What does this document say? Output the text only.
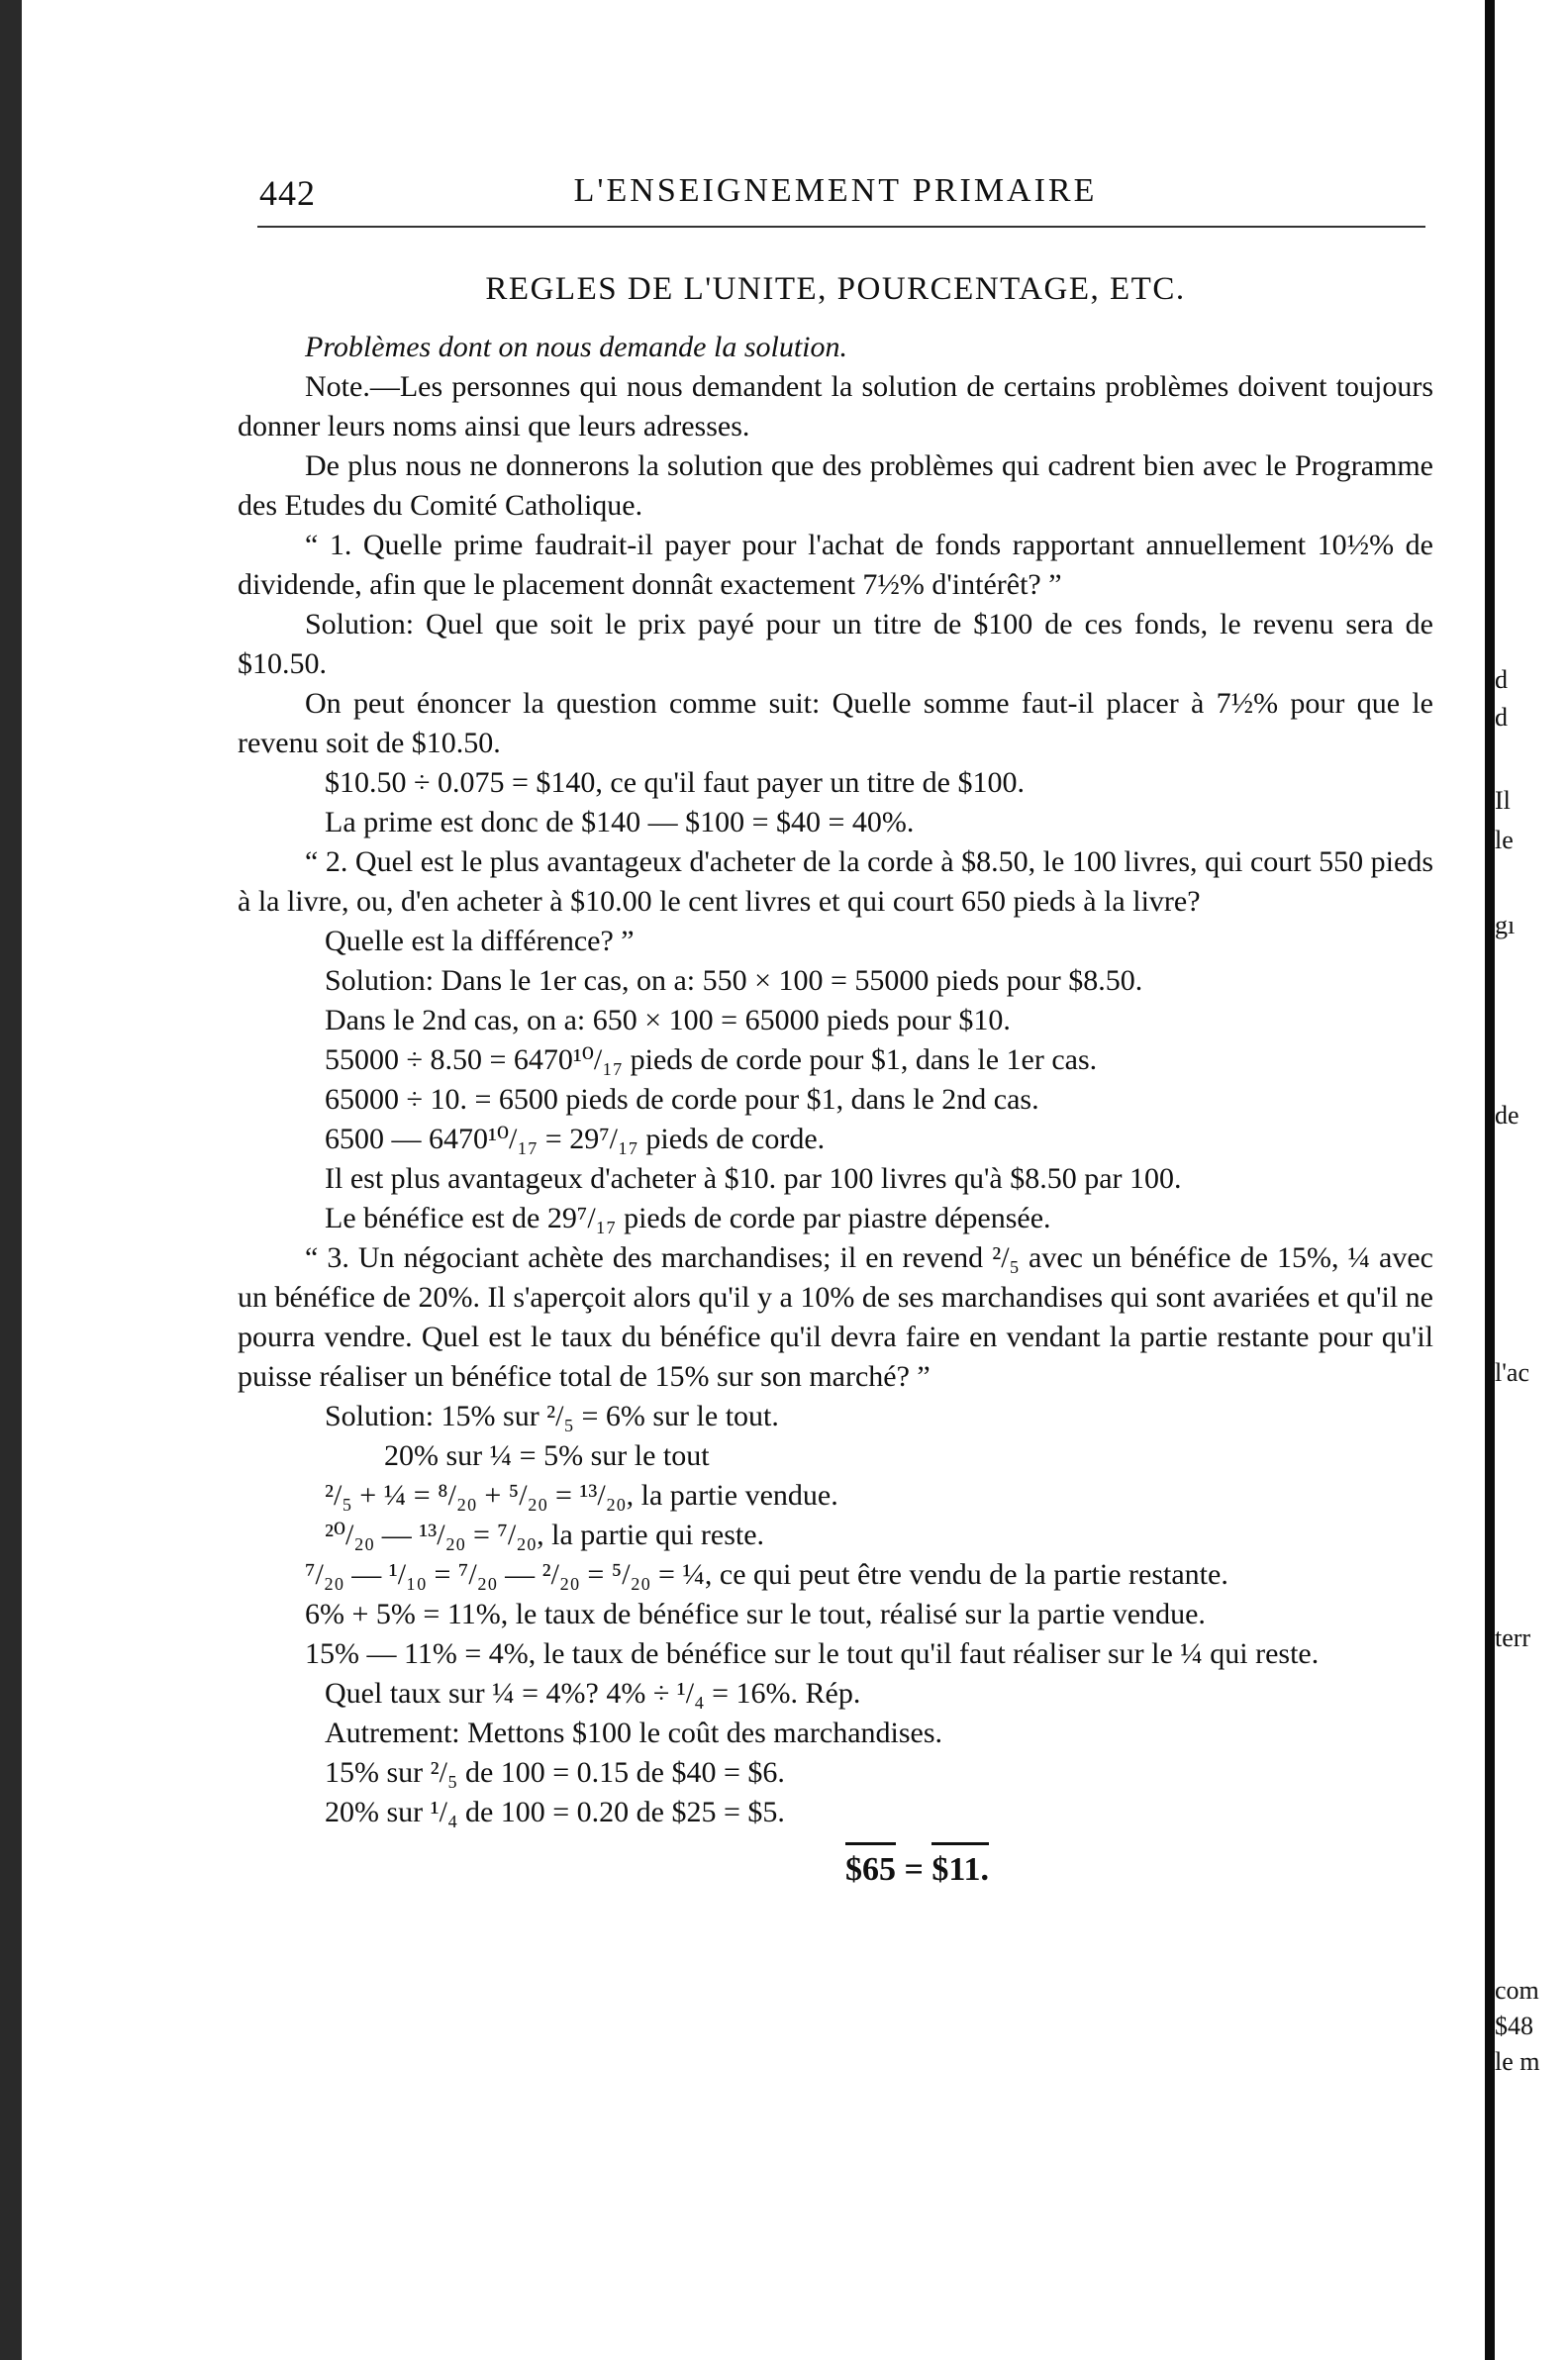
d
d
Il
le
gı
de
l'ac
terr
com
$48
le m
442	L'ENSEIGNEMENT PRIMAIRE
REGLES DE L'UNITE, POURCENTAGE, ETC.

Problèmes dont on nous demande la solution.

Note.—Les personnes qui nous demandent la solution de certains problèmes doivent toujours donner leurs noms ainsi que leurs adresses.

De plus nous ne donnerons la solution que des problèmes qui cadrent bien avec le Programme des Etudes du Comité Catholique.

“ 1. Quelle prime faudrait-il payer pour l'achat de fonds rapportant annuellement 10½% de dividende, afin que le placement donnât exactement 7½% d'intérêt? ”

Solution: Quel que soit le prix payé pour un titre de $100 de ces fonds, le revenu sera de $10.50.

On peut énoncer la question comme suit: Quelle somme faut-il placer à 7½% pour que le revenu soit de $10.50.

$10.50 ÷ 0.075 = $140, ce qu'il faut payer un titre de $100.

La prime est donc de $140 — $100 = $40 = 40%.

“ 2. Quel est le plus avantageux d'acheter de la corde à $8.50, le 100 livres, qui court 550 pieds à la livre, ou, d'en acheter à $10.00 le cent livres et qui court 650 pieds à la livre?

Quelle est la différence? ”

Solution: Dans le 1er cas, on a: 550 × 100 = 55000 pieds pour $8.50.

Dans le 2nd cas, on a: 650 × 100 = 65000 pieds pour $10.

55000 ÷ 8.50 = 6470¹⁰/₁₇ pieds de corde pour $1, dans le 1er cas.

65000 ÷ 10. = 6500 pieds de corde pour $1, dans le 2nd cas.

6500 — 6470¹⁰/₁₇ = 29⁷/₁₇ pieds de corde.

Il est plus avantageux d'acheter à $10. par 100 livres qu'à $8.50 par 100.

Le bénéfice est de 29⁷/₁₇ pieds de corde par piastre dépensée.

“ 3. Un négociant achète des marchandises; il en revend ²/₅ avec un bénéfice de 15%, ¼ avec un bénéfice de 20%. Il s'aperçoit alors qu'il y a 10% de ses marchandises qui sont avariées et qu'il ne pourra vendre. Quel est le taux du bénéfice qu'il devra faire en vendant la partie restante pour qu'il puisse réaliser un bénéfice total de 15% sur son marché? ”

Solution: 15% sur ²/₅ = 6% sur le tout.

20% sur ¼ = 5% sur le tout

²/₅ + ¼ = ⁸/₂₀ + ⁵/₂₀ = ¹³/₂₀, la partie vendue.

²⁰/₂₀ — ¹³/₂₀ = ⁷/₂₀, la partie qui reste.

⁷/₂₀ — ¹/₁₀ = ⁷/₂₀ — ²/₂₀ = ⁵/₂₀ = ¼, ce qui peut être vendu de la partie restante.

6% + 5% = 11%, le taux de bénéfice sur le tout, réalisé sur la partie vendue.

15% — 11% = 4%, le taux de bénéfice sur le tout qu'il faut réaliser sur le ¼ qui reste.

Quel taux sur ¼ = 4%? 4% ÷ ¹/₄ = 16%. Rép.

Autrement: Mettons $100 le coût des marchandises.

15% sur ²/₅ de 100 = 0.15 de $40 = $6.

20% sur ¹/₄ de 100 = 0.20 de $25 = $5.

$65 = $11.
